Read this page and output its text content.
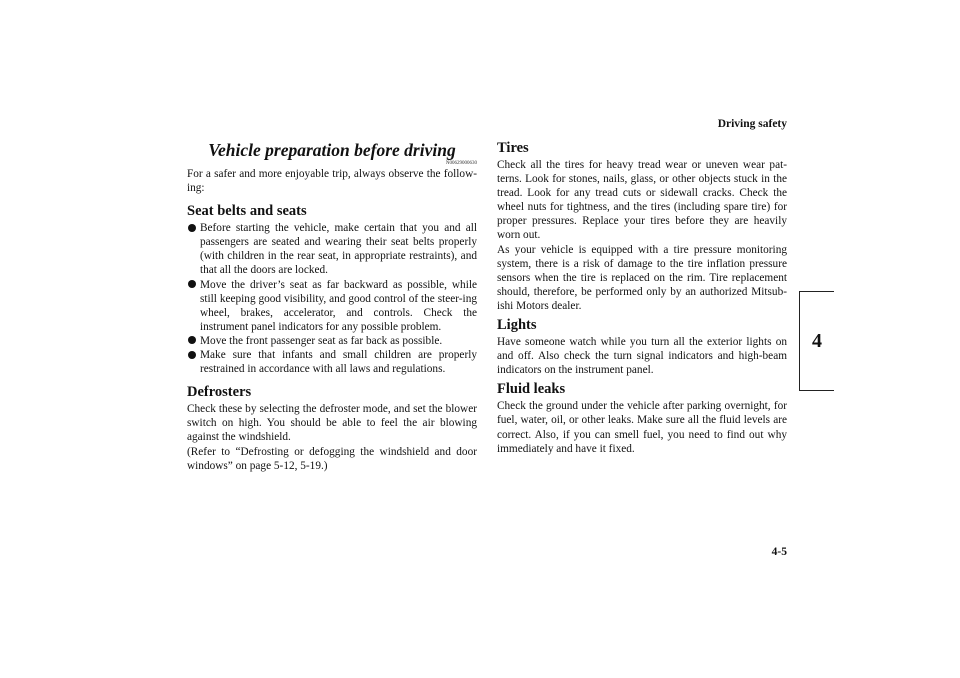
Driving safety
4-5
4
Vehicle preparation before driving
N00629000630

For a safer and more enjoyable trip, always observe the follow-ing:

Seat belts and seats
Before starting the vehicle, make certain that you and all passengers are seated and wearing their seat belts properly (with children in the rear seat, in appropriate restraints), and that all the doors are locked.
Move the driver’s seat as far backward as possible, while still keeping good visibility, and good control of the steer-ing wheel, brakes, accelerator, and controls. Check the instrument panel indicators for any possible problem.
Move the front passenger seat as far back as possible.
Make sure that infants and small children are properly restrained in accordance with all laws and regulations.
Defrosters

Check these by selecting the defroster mode, and set the blower switch on high. You should be able to feel the air blowing against the windshield.

(Refer to “Defrosting or defogging the windshield and door windows” on page 5-12, 5-19.)

Tires

Check all the tires for heavy tread wear or uneven wear pat-terns. Look for stones, nails, glass, or other objects stuck in the tread. Look for any tread cuts or sidewall cracks. Check the wheel nuts for tightness, and the tires (including spare tire) for proper pressures. Replace your tires before they are heavily worn out.

As your vehicle is equipped with a tire pressure monitoring system, there is a risk of damage to the tire inflation pressure sensors when the tire is replaced on the rim. Tire replacement should, therefore, be performed only by an authorized Mitsub-ishi Motors dealer.

Lights

Have someone watch while you turn all the exterior lights on and off. Also check the turn signal indicators and high-beam indicators on the instrument panel.

Fluid leaks

Check the ground under the vehicle after parking overnight, for fuel, water, oil, or other leaks. Make sure all the fluid levels are correct. Also, if you can smell fuel, you need to find out why immediately and have it fixed.
